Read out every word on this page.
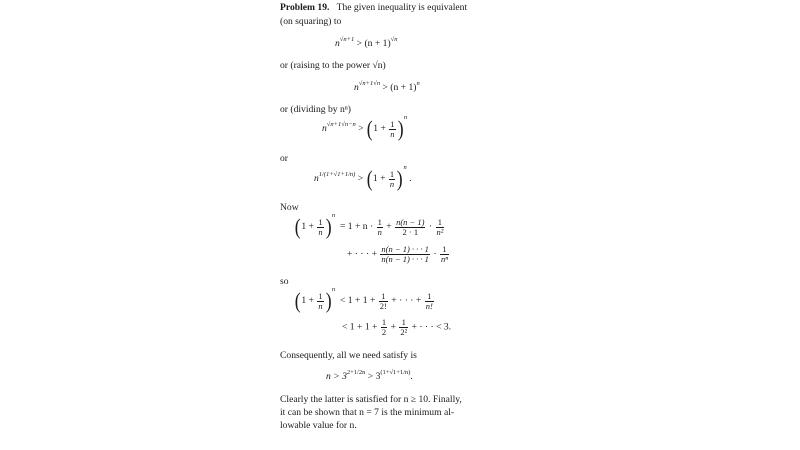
Problem 19. The given inequality is equivalent
(on squaring) to
$n^{√n+1} > (n + 1)^{√n}$
or (raising to the power √n)
$n^{√n+1√n} > (n + 1)^n$
or (dividing by nⁿ)
$n^{√n+1√n-n} > (1 + \frac{1}{n} )^n$
or
$n^{1/(1+√1+1/n)} > (1 + \frac{1}{n} )^n$ .
Now
$(1 + \frac{1}{n} )^n = 1 + n \cdot \frac{1}{n} + \frac{n(n - 1)}{2 \cdot 1} \cdot \frac{1}{\text{n²}}$
+ · · · + $\frac{n(n - 1) \cdot \cdot \cdot 1}{n(n - 1) \cdot \cdot \cdot 1} \cdot \frac{1}{\text{nⁿ}}$
so
$(1 + \frac{1}{n} )^n < 1 + 1 + \frac{1}{2!}$ + · · · + $\frac{1}{n!}$
< $1 + 1 + \frac{1}{2} + \frac{1}{\text{2²}}$ + · · · < 3.
Consequently, all we need satisfy is
$n > 3^{2+1/2n} > 3^{(1+√1+1/n)}$.
Clearly the latter is satisfied for n ≥ 10. Finally,
it can be shown that n = 7 is the minimum al-
lowable value for n.
